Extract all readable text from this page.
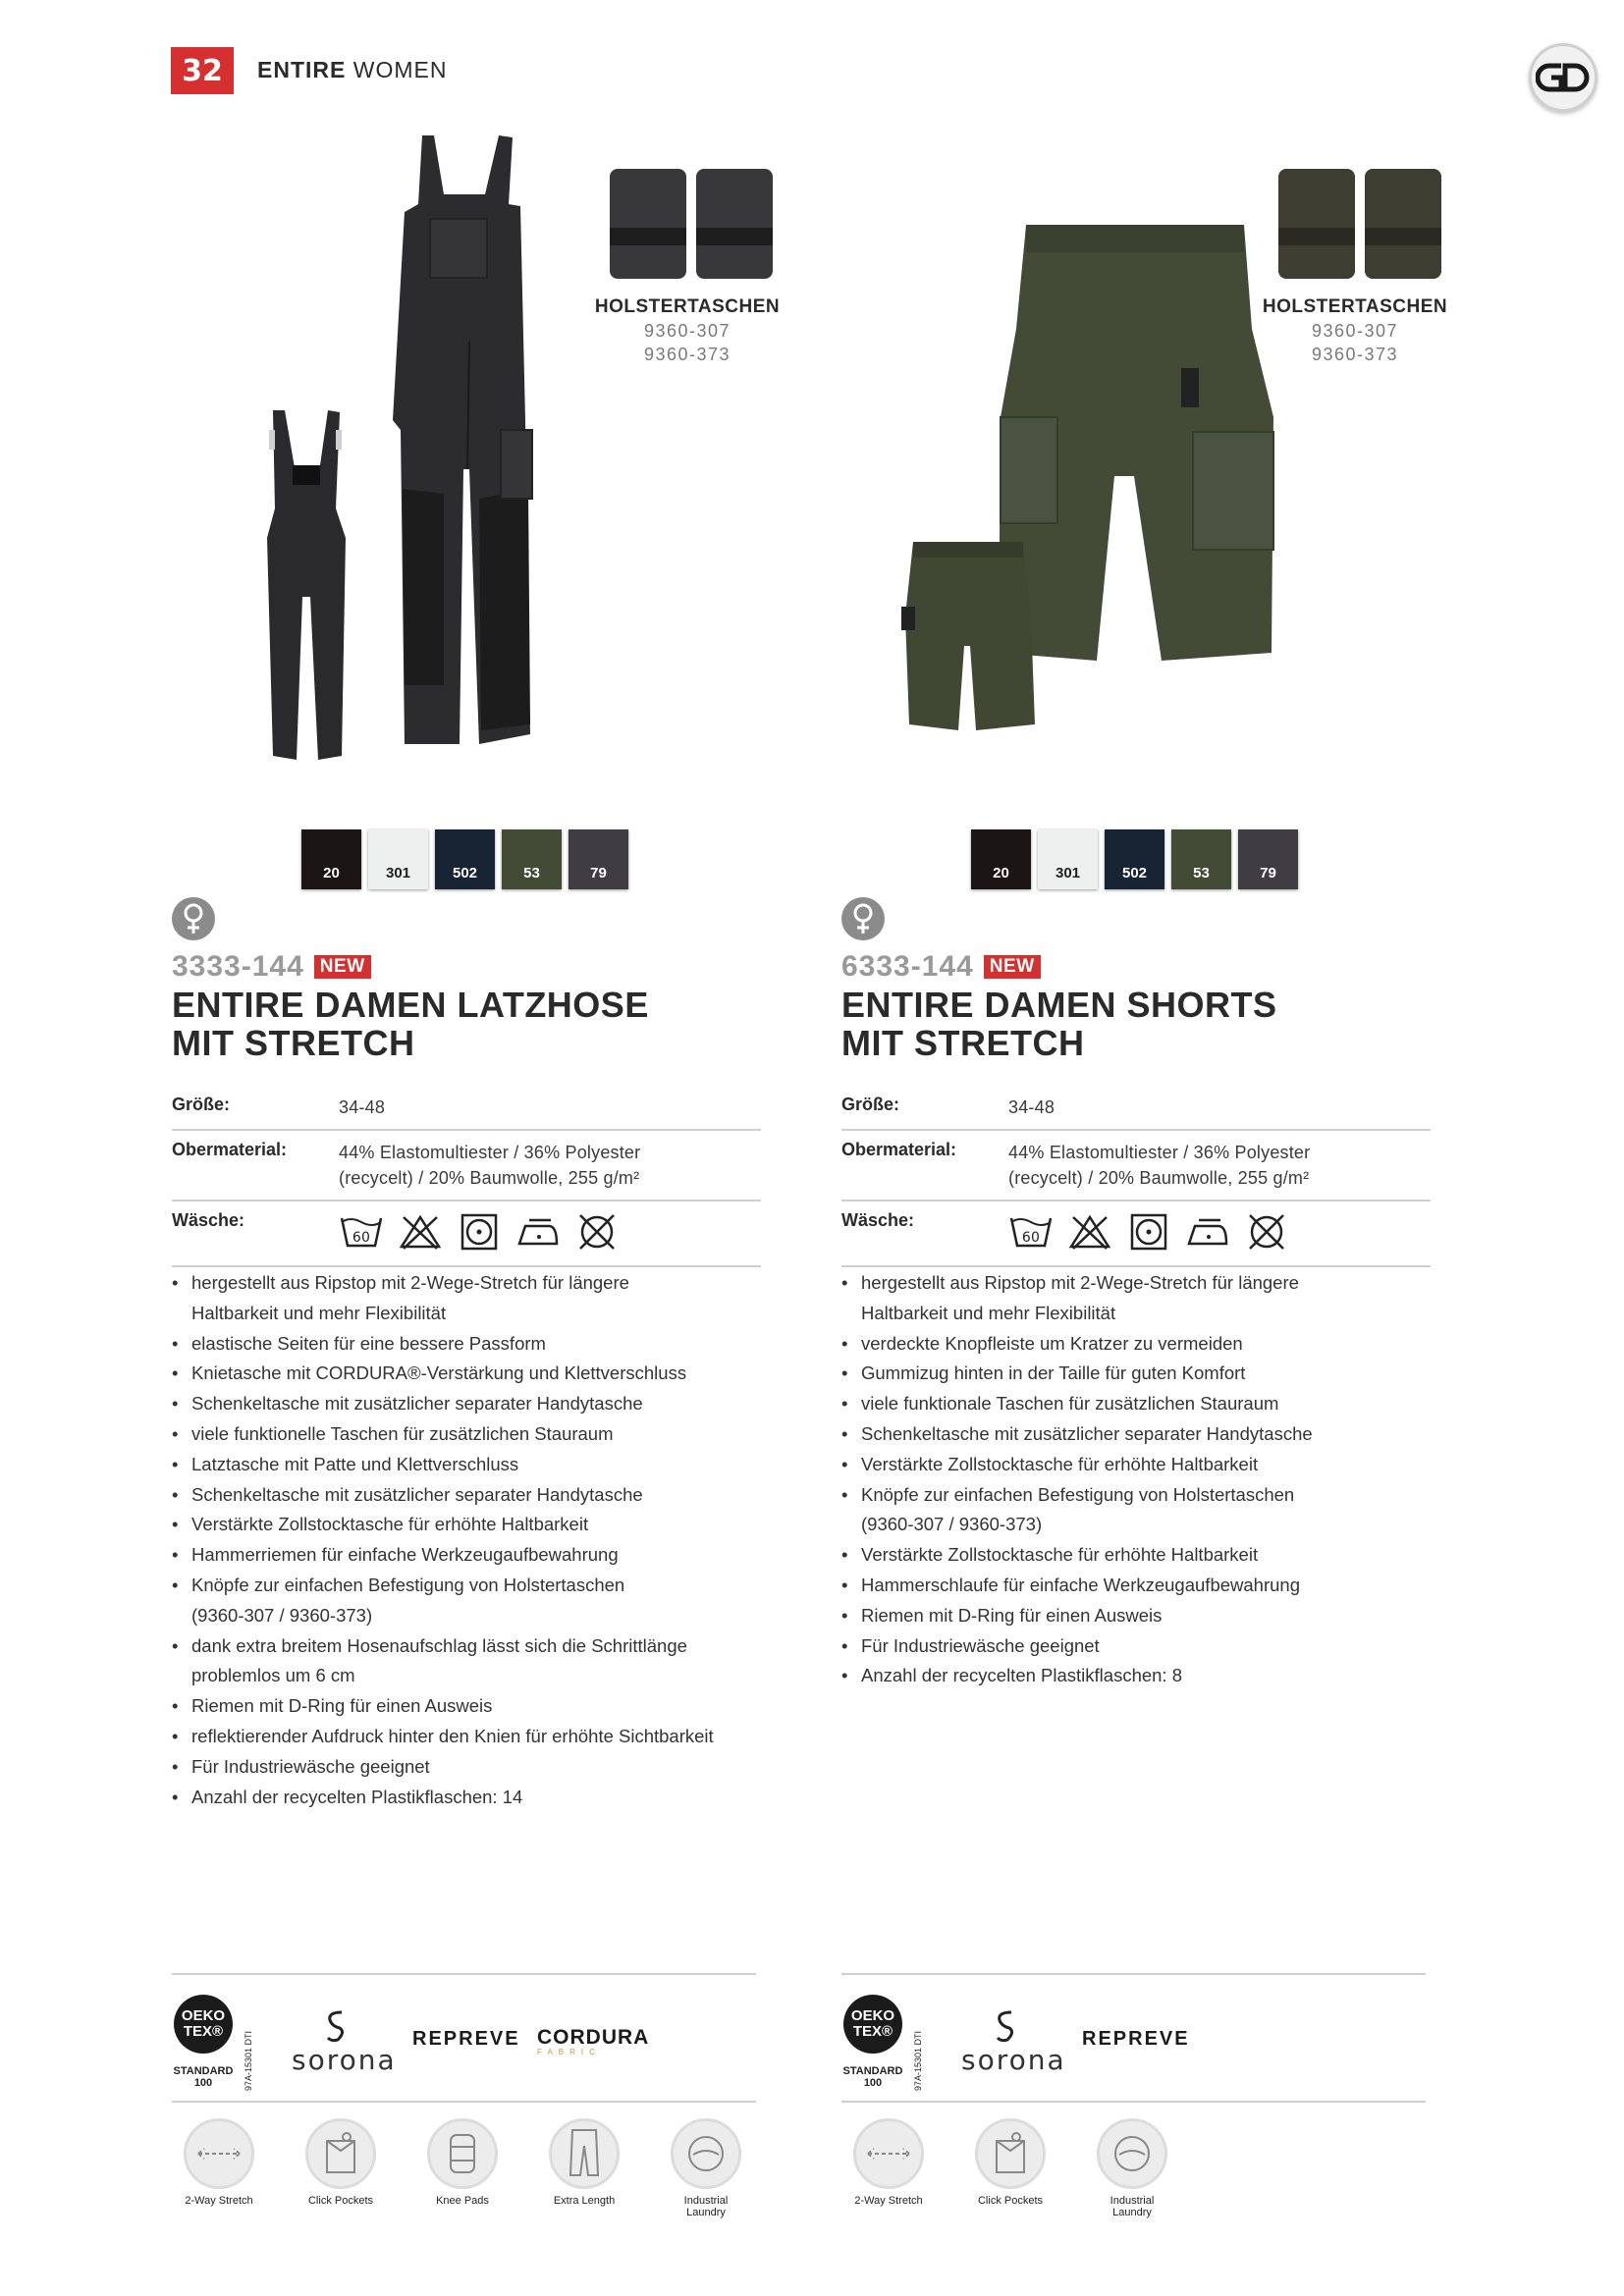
32	ENTIRE WOMEN
HOLSTERTASCHEN
9360-307
9360-373
HOLSTERTASCHEN
9360-307
9360-373
20	301	502	53	79	20	301	502	53	79
3333-144 NEW
ENTIRE DAMEN LATZHOSE
MIT STRETCH
Größe:	34-48
Obermaterial:	44% Elastomultiester / 36% Polyester
(recycelt) / 20% Baumwolle, 255 g/m²
Wäsche:
60
• hergestellt aus Ripstop mit 2-Wege-Stretch für längere
Haltbarkeit und mehr Flexibilität
• elastische Seiten für eine bessere Passform
• Knietasche mit CORDURA®-Verstärkung und Klettverschluss
• Schenkeltasche mit zusätzlicher separater Handytasche
• viele funktionelle Taschen für zusätzlichen Stauraum
• Latztasche mit Patte und Klettverschluss
• Schenkeltasche mit zusätzlicher separater Handytasche
• Verstärkte Zollstocktasche für erhöhte Haltbarkeit
• Hammerriemen für einfache Werkzeugaufbewahrung
• Knöpfe zur einfachen Befestigung von Holstertaschen
(9360-307 / 9360-373)
• dank extra breitem Hosenaufschlag lässt sich die Schrittlänge
problemlos um 6 cm
• Riemen mit D-Ring für einen Ausweis
• reflektierender Aufdruck hinter den Knien für erhöhte Sichtbarkeit
• Für Industriewäsche geeignet
• Anzahl der recycelten Plastikflaschen: 14
6333-144 NEW
ENTIRE DAMEN SHORTS
MIT STRETCH
Größe:	34-48
Obermaterial:	44% Elastomultiester / 36% Polyester
(recycelt) / 20% Baumwolle, 255 g/m²
Wäsche:
60
• hergestellt aus Ripstop mit 2-Wege-Stretch für längere
Haltbarkeit und mehr Flexibilität
• verdeckte Knopfleiste um Kratzer zu vermeiden
• Gummizug hinten in der Taille für guten Komfort
• viele funktionale Taschen für zusätzlichen Stauraum
• Schenkeltasche mit zusätzlicher separater Handytasche
• Verstärkte Zollstocktasche für erhöhte Haltbarkeit
• Knöpfe zur einfachen Befestigung von Holstertaschen
(9360-307 / 9360-373)
• Verstärkte Zollstocktasche für erhöhte Haltbarkeit
• Hammerschlaufe für einfache Werkzeugaufbewahrung
• Riemen mit D-Ring für einen Ausweis
• Für Industriewäsche geeignet
• Anzahl der recycelten Plastikflaschen: 8
OEKO TEX®
STANDARD 100	97A-15301 DTI sorona
REPREVE CORDURA
FABRIC
2-Way Stretch	Click Pockets	Knee Pads	Extra Length	Industrial Laundry
OEKO TEX®
STANDARD 100	97A-15301 DTI sorona
REPREVE
2-Way Stretch	Click Pockets	Industrial Laundry
